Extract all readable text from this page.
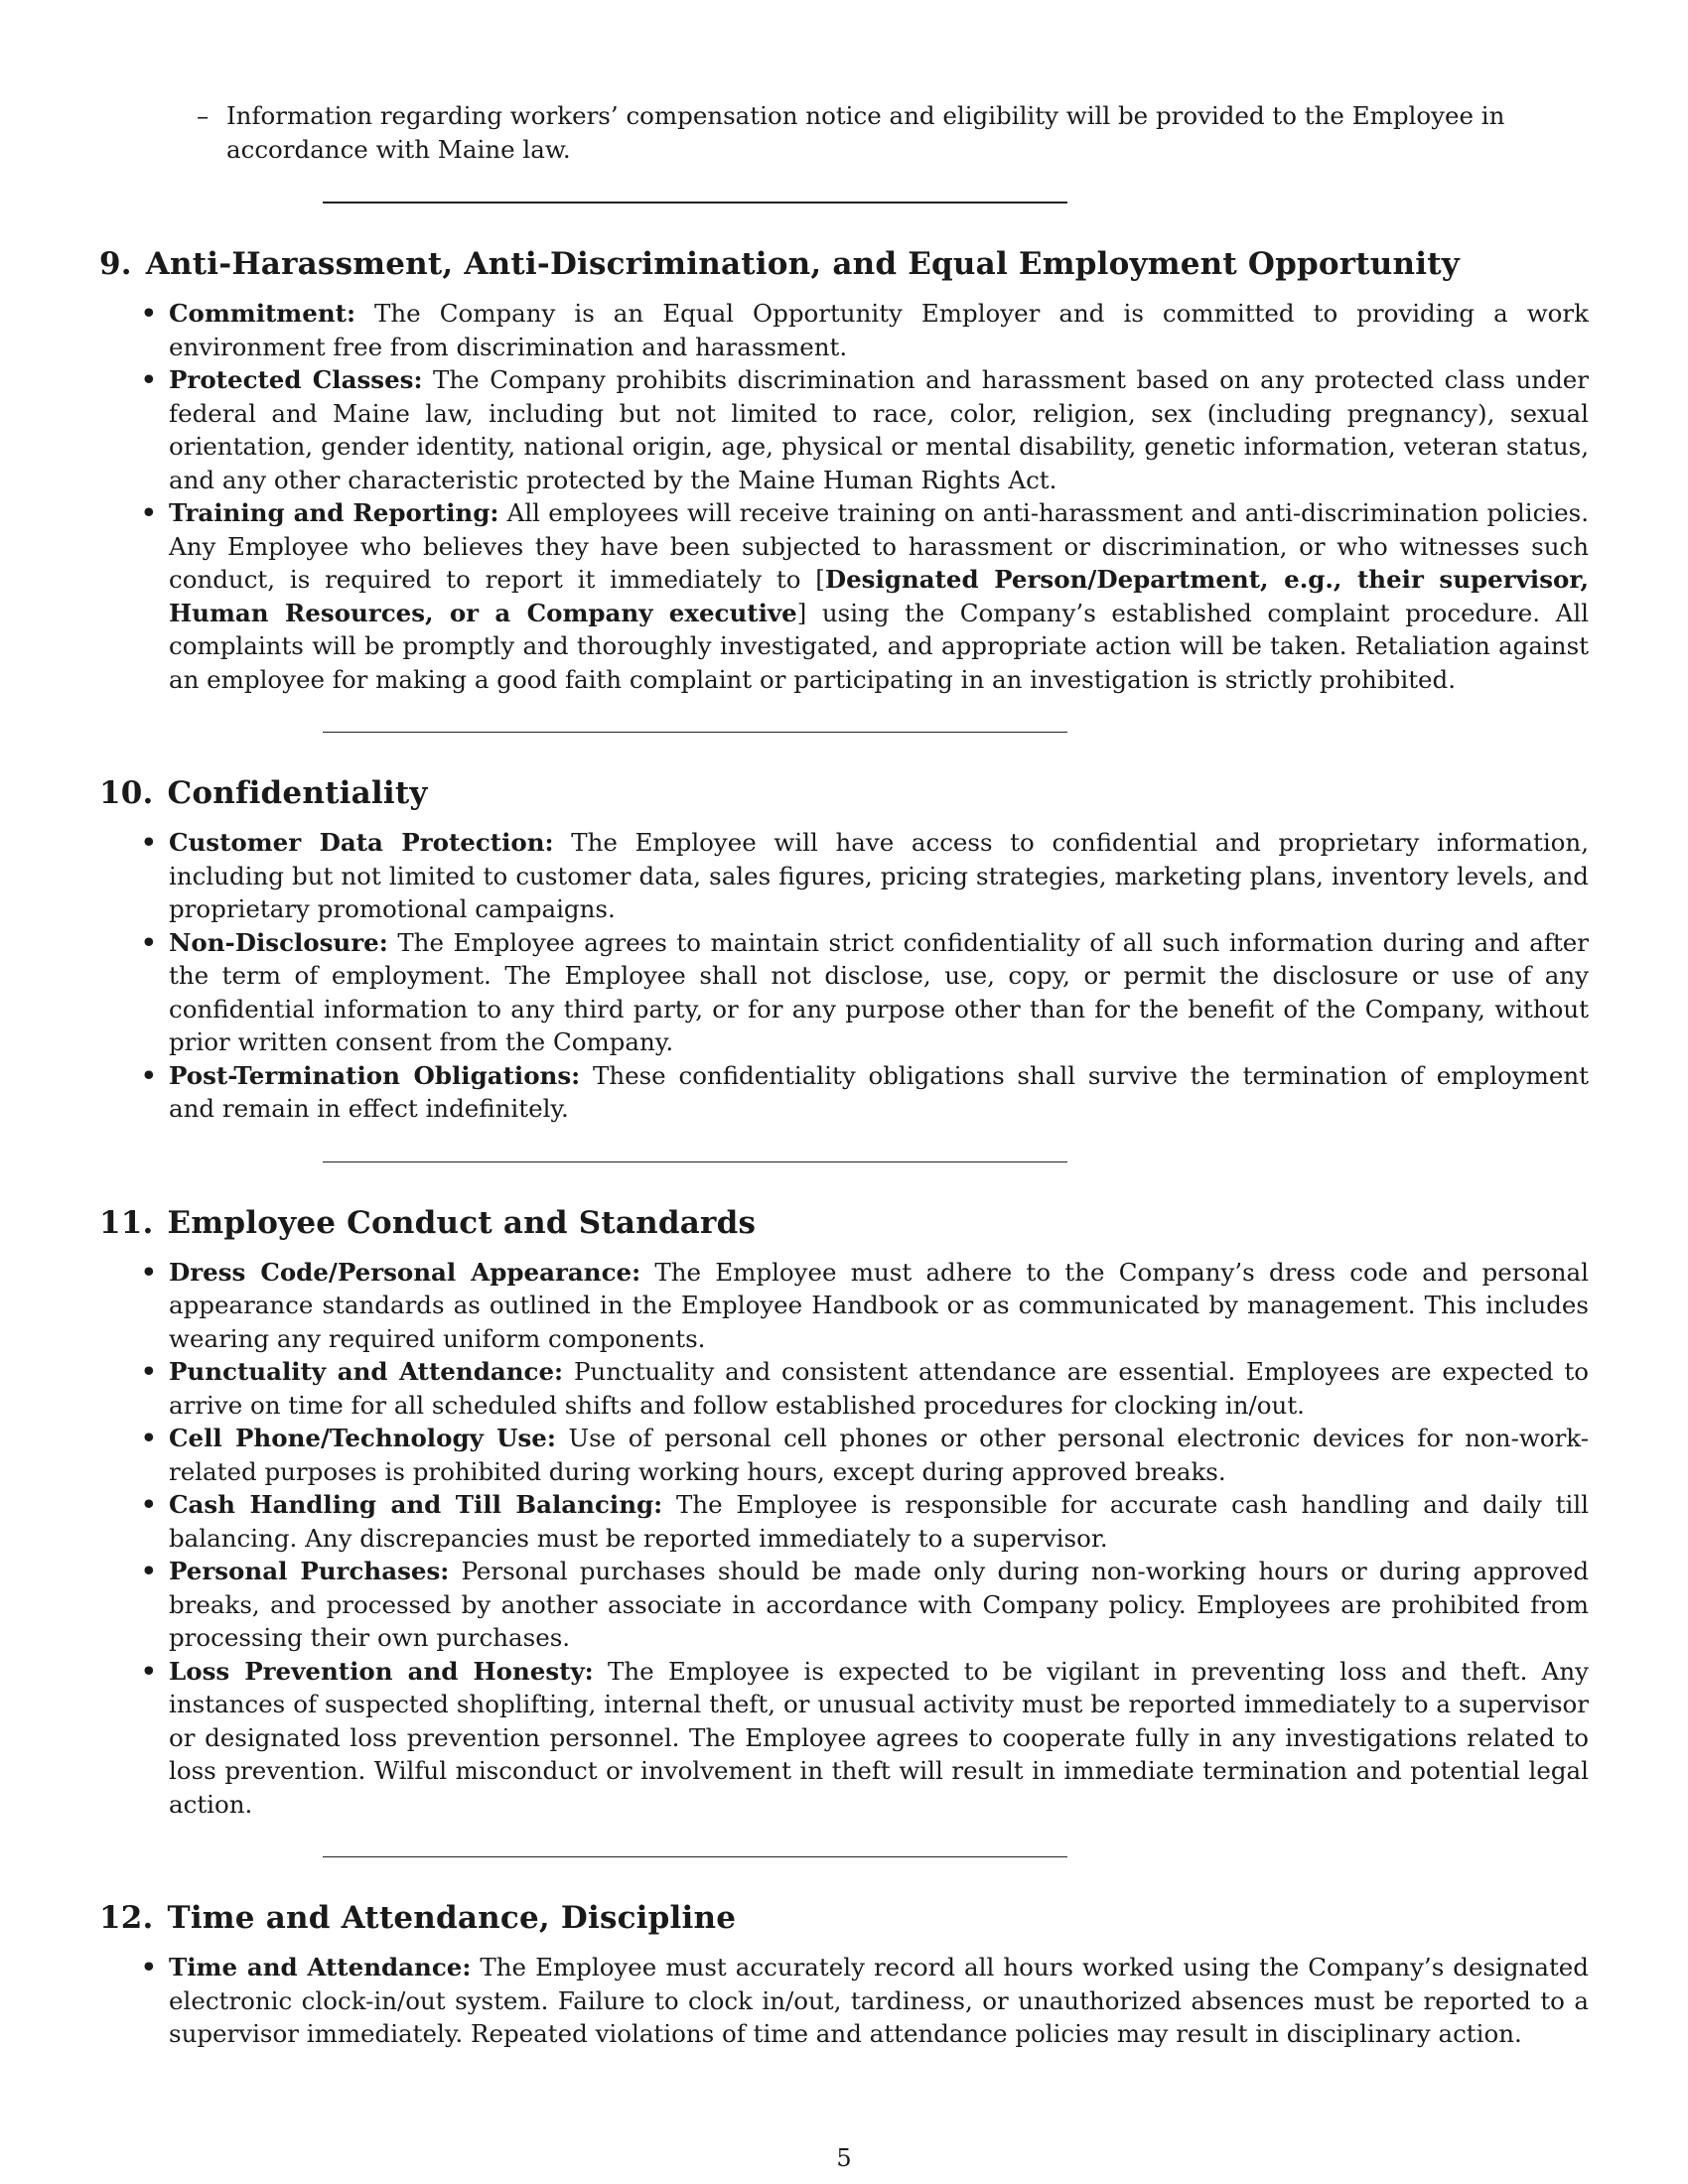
– Information regarding workers’ compensation notice and eligibility will be provided to the Employee in accordance with Maine law.
9. Anti-Harassment, Anti-Discrimination, and Equal Employment Opportunity
• Commitment: The Company is an Equal Opportunity Employer and is committed to providing a work environment free from discrimination and harassment.
• Protected Classes: The Company prohibits discrimination and harassment based on any protected class under federal and Maine law, including but not limited to race, color, religion, sex (including pregnancy), sexual orientation, gender identity, national origin, age, physical or mental disability, genetic information, veteran status, and any other characteristic protected by the Maine Human Rights Act.
• Training and Reporting: All employees will receive training on anti-harassment and anti-discrimination policies. Any Employee who believes they have been subjected to harassment or discrimination, or who witnesses such conduct, is required to report it immediately to [Designated Person/Department, e.g., their supervisor, Human Resources, or a Company executive] using the Company’s established complaint procedure. All complaints will be promptly and thoroughly investigated, and appropriate action will be taken. Retaliation against an employee for making a good faith complaint or participating in an investigation is strictly prohibited.
10. Confidentiality
• Customer Data Protection: The Employee will have access to confidential and proprietary information, including but not limited to customer data, sales figures, pricing strategies, marketing plans, inventory levels, and proprietary promotional campaigns.
• Non-Disclosure: The Employee agrees to maintain strict confidentiality of all such information during and after the term of employment. The Employee shall not disclose, use, copy, or permit the disclosure or use of any confidential information to any third party, or for any purpose other than for the benefit of the Company, without prior written consent from the Company.
• Post-Termination Obligations: These confidentiality obligations shall survive the termination of employment and remain in effect indefinitely.
11. Employee Conduct and Standards
• Dress Code/Personal Appearance: The Employee must adhere to the Company’s dress code and personal appearance standards as outlined in the Employee Handbook or as communicated by management. This includes wearing any required uniform components.
• Punctuality and Attendance: Punctuality and consistent attendance are essential. Employees are expected to arrive on time for all scheduled shifts and follow established procedures for clocking in/out.
• Cell Phone/Technology Use: Use of personal cell phones or other personal electronic devices for non-work-related purposes is prohibited during working hours, except during approved breaks.
• Cash Handling and Till Balancing: The Employee is responsible for accurate cash handling and daily till balancing. Any discrepancies must be reported immediately to a supervisor.
• Personal Purchases: Personal purchases should be made only during non-working hours or during approved breaks, and processed by another associate in accordance with Company policy. Employees are prohibited from processing their own purchases.
• Loss Prevention and Honesty: The Employee is expected to be vigilant in preventing loss and theft. Any instances of suspected shoplifting, internal theft, or unusual activity must be reported immediately to a supervisor or designated loss prevention personnel. The Employee agrees to cooperate fully in any investigations related to loss prevention. Wilful misconduct or involvement in theft will result in immediate termination and potential legal action.
12. Time and Attendance, Discipline
• Time and Attendance: The Employee must accurately record all hours worked using the Company’s designated electronic clock-in/out system. Failure to clock in/out, tardiness, or unauthorized absences must be reported to a supervisor immediately. Repeated violations of time and attendance policies may result in disciplinary action.
5
